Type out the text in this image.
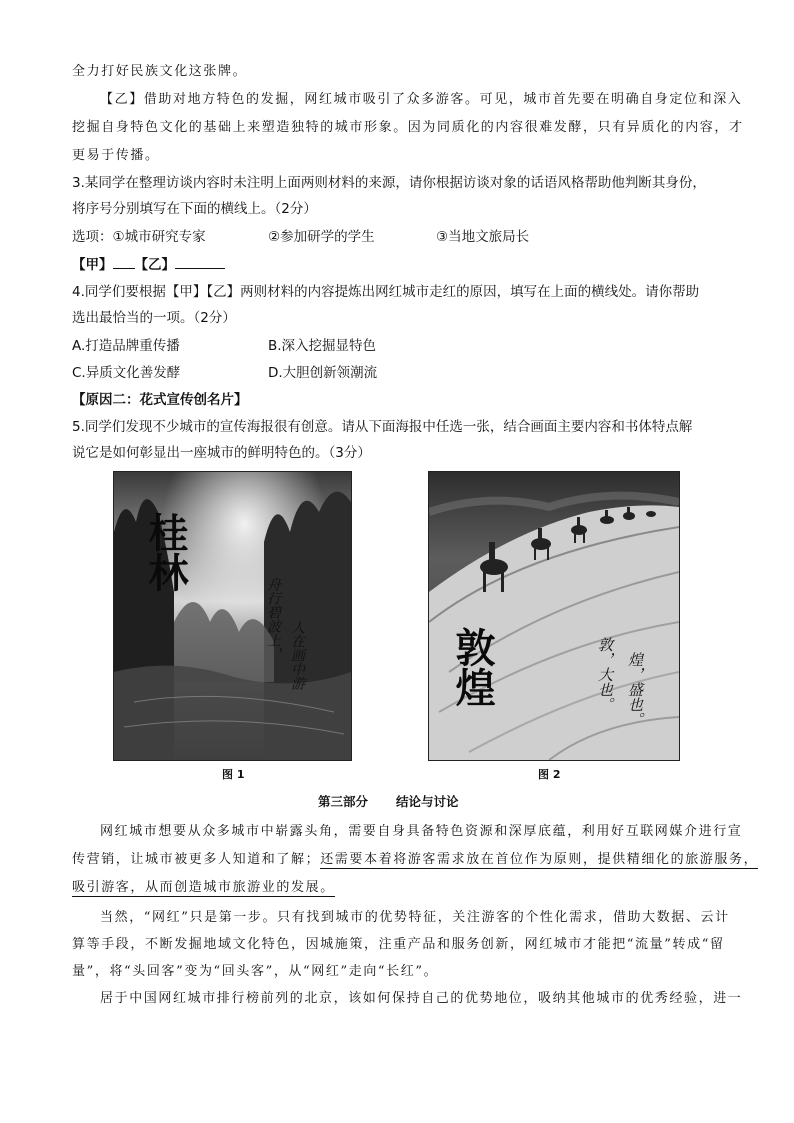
全力打好民族文化这张牌。
【乙】借助对地方特色的发掘，网红城市吸引了众多游客。可见，城市首先要在明确自身定位和深入
挖掘自身特色文化的基础上来塑造独特的城市形象。因为同质化的内容很难发酵，只有异质化的内容，才
更易于传播。
3.某同学在整理访谈内容时未注明上面两则材料的来源，请你根据访谈对象的话语风格帮助他判断其身份，
将序号分别填写在下面的横线上。（2分）
选项：①城市研究专家	②参加研学的学生	③当地文旅局长
【甲】 【乙】
4.同学们要根据【甲】【乙】两则材料的内容提炼出网红城市走红的原因，填写在上面的横线处。请你帮助
选出最恰当的一项。（2分）
A.打造品牌重传播	B.深入挖掘显特色
C.异质文化善发酵	D.大胆创新领潮流
【原因二：花式宣传创名片】
5.同学们发现不少城市的宣传海报很有创意。请从下面海报中任选一张，结合画面主要内容和书体特点解
说它是如何彰显出一座城市的鲜明特色的。（3分）
桂林
舟行碧波上， 人在画中游
图 1
敦煌	敦，大也。 煌，盛也。
图 2
第三部分 结论与讨论
网红城市想要从众多城市中崭露头角，需要自身具备特色资源和深厚底蕴，利用好互联网媒介进行宣
传营销，让城市被更多人知道和了解；还需要本着将游客需求放在首位作为原则，提供精细化的旅游服务，
吸引游客，从而创造城市旅游业的发展。
当然，“网红”只是第一步。只有找到城市的优势特征，关注游客的个性化需求，借助大数据、云计
算等手段，不断发掘地域文化特色，因城施策，注重产品和服务创新，网红城市才能把“流量”转成“留
量”，将“头回客”变为“回头客”，从“网红”走向“长红”。
居于中国网红城市排行榜前列的北京，该如何保持自己的优势地位，吸纳其他城市的优秀经验，进一
